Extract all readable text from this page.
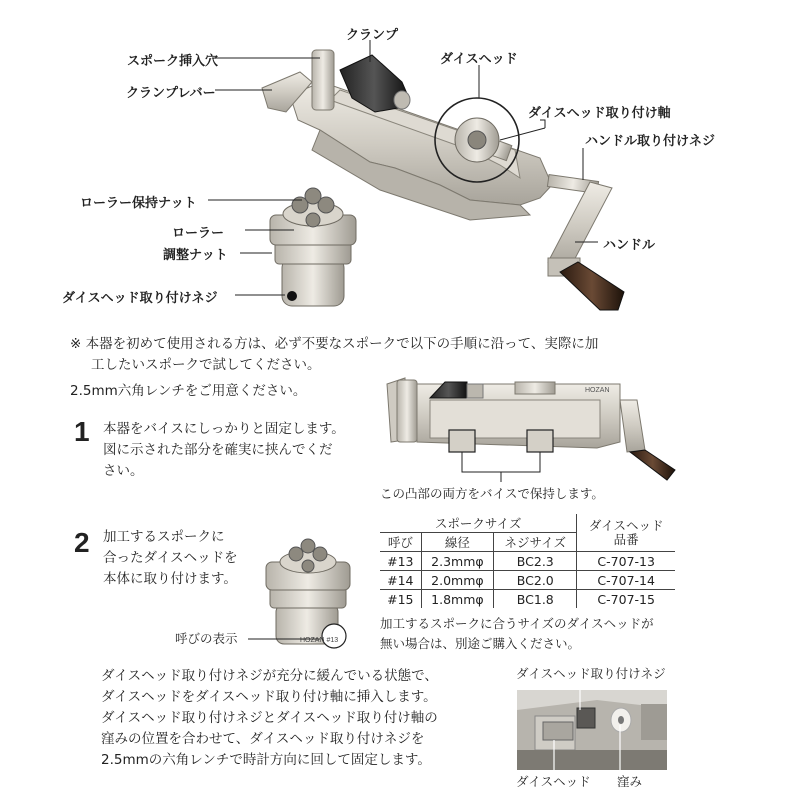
スポーク挿入穴
クランプ
クランプレバー
ダイスヘッド
ダイスヘッド取り付け軸
ハンドル取り付けネジ
ローラー保持ナット
ローラー
調整ナット
ハンドル
ダイスヘッド取り付けネジ
※ 本器を初めて使用される方は、必ず不要なスポークで以下の手順に沿って、実際に加
工したいスポークで試してください。
2.5mm六角レンチをご用意ください。
1 本器をバイスにしっかりと固定します。
図に示された部分を確実に挟んでくだ
さい。
HOZAN
この凸部の両方をバイスで保持します。
2 加工するスポークに
合ったダイスヘッドを
本体に取り付けます。
HOZAN #13
呼びの表示
スポークサイズ			ダイスヘッド
品番
呼び	線径	ネジサイズ	
#13	2.3mmφ	BC2.3	C-707-13
#14	2.0mmφ	BC2.0	C-707-14
#15	1.8mmφ	BC1.8	C-707-15
加工するスポークに合うサイズのダイスヘッドが
無い場合は、別途ご購入ください。
ダイスヘッド取り付けネジが充分に緩んでいる状態で、
ダイスヘッドをダイスヘッド取り付け軸に挿入します。
ダイスヘッド取り付けネジとダイスヘッド取り付け軸の
窪みの位置を合わせて、ダイスヘッド取り付けネジを
2.5mmの六角レンチで時計方向に回して固定します。
ダイスヘッド取り付けネジ
ダイスヘッド 窪み
